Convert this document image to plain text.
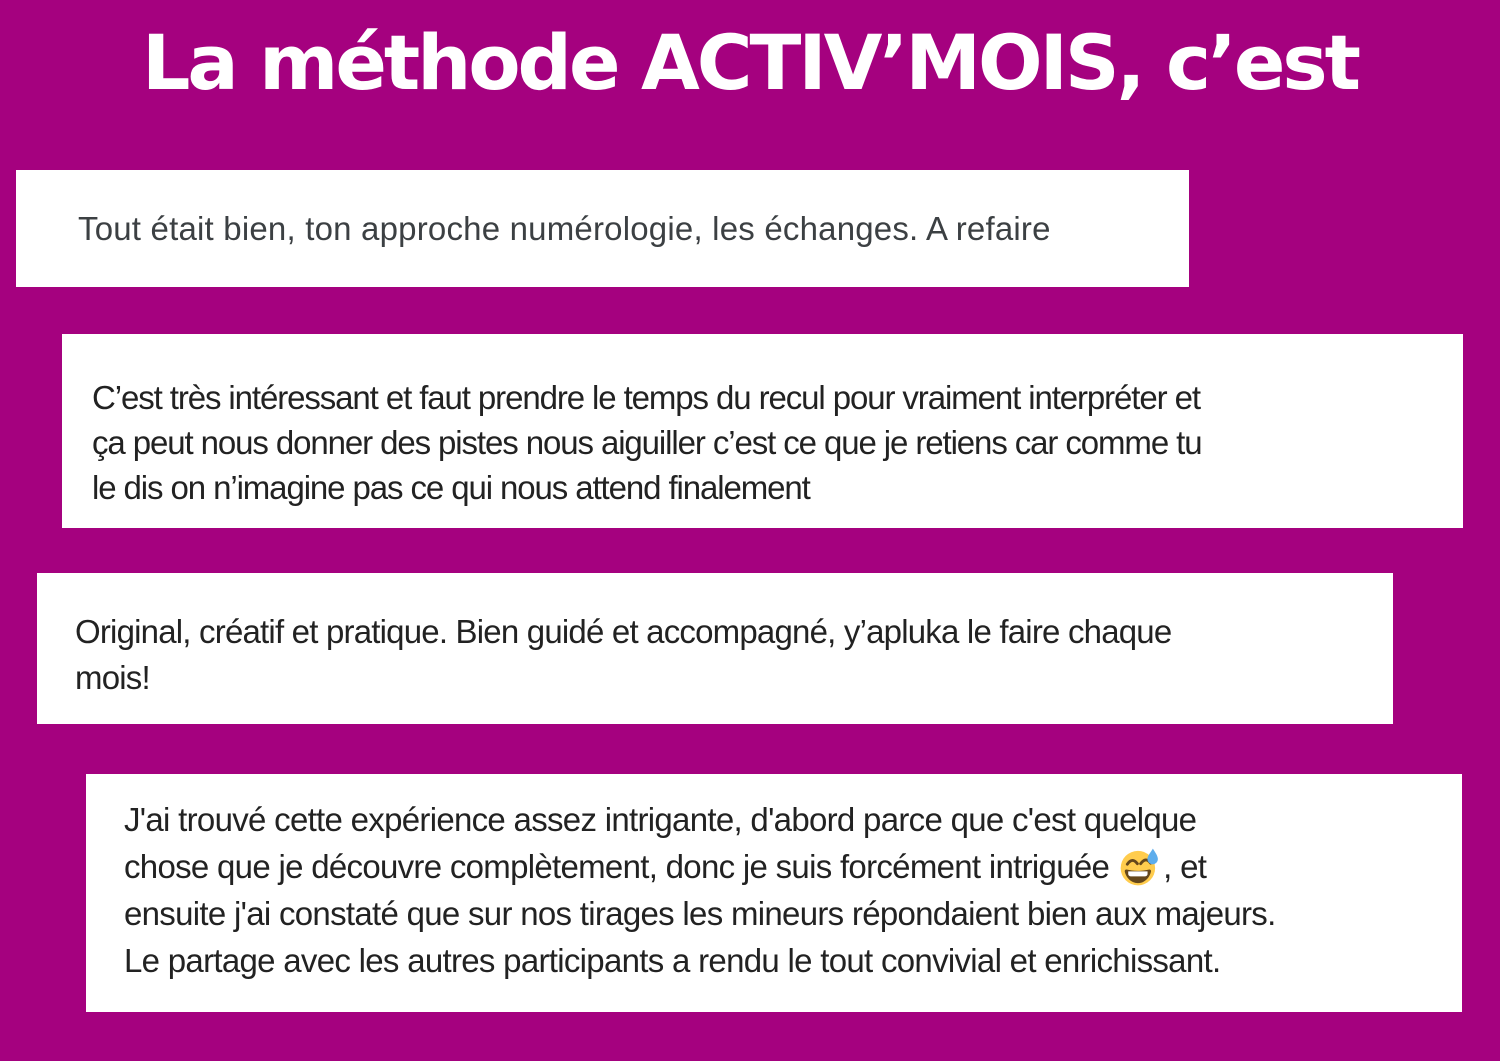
La méthode ACTIV’MOIS, c’est
Tout était bien, ton approche numérologie, les échanges. A refaire
C’est très intéressant et faut prendre le temps du recul pour vraiment interpréter et
ça peut nous donner des pistes nous aiguiller c’est ce que je retiens car comme tu
le dis on n’imagine pas ce qui nous attend finalement
Original, créatif et pratique. Bien guidé et accompagné, y’apluka le faire chaque
mois!
J'ai trouvé cette expérience assez intrigante, d'abord parce que c'est quelque
chose que je découvre complètement, donc je suis forcément intriguée , et
ensuite j'ai constaté que sur nos tirages les mineurs répondaient bien aux majeurs.
Le partage avec les autres participants a rendu le tout convivial et enrichissant.
